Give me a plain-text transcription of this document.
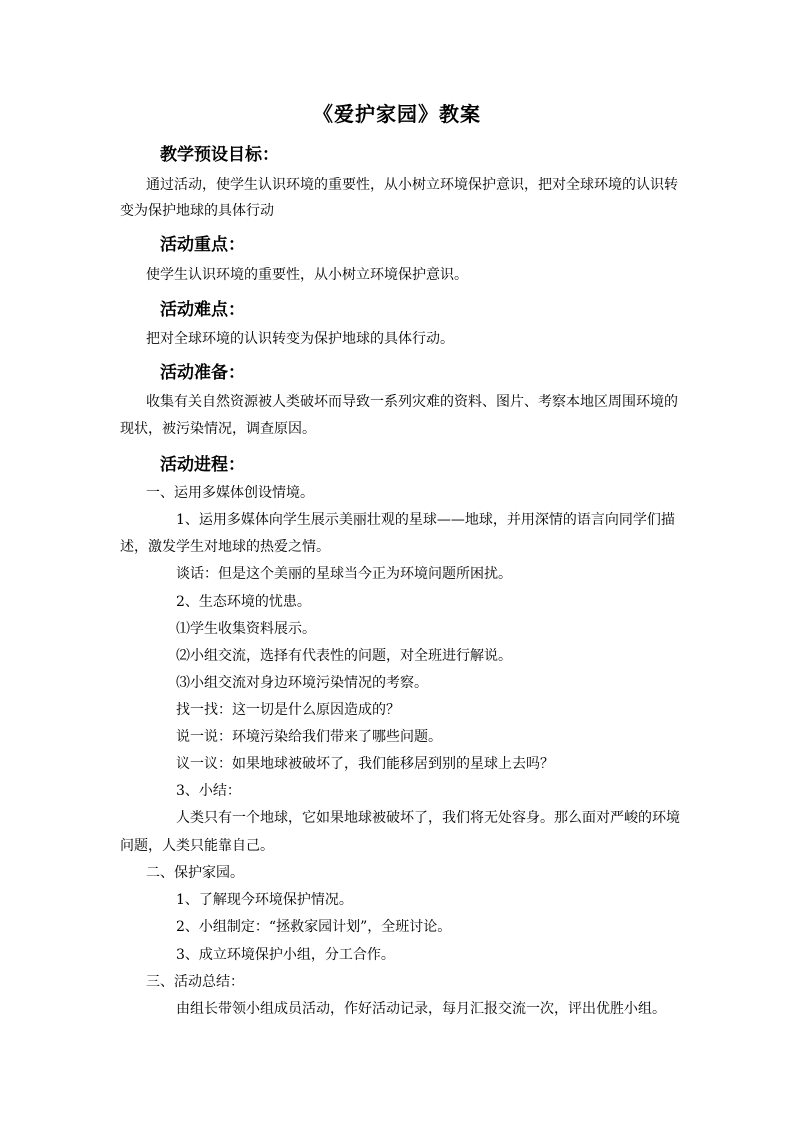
《爱护家园》教案
教学预设目标：
通过活动，使学生认识环境的重要性，从小树立环境保护意识，把对全球环境的认识转
变为保护地球的具体行动
活动重点：
使学生认识环境的重要性，从小树立环境保护意识。
活动难点：
把对全球环境的认识转变为保护地球的具体行动。
活动准备：
收集有关自然资源被人类破坏而导致一系列灾难的资料、图片、考察本地区周围环境的
现状，被污染情况，调查原因。
活动进程：
一、运用多媒体创设情境。
1、运用多媒体向学生展示美丽壮观的星球——地球，并用深情的语言向同学们描
述，激发学生对地球的热爱之情。
谈话：但是这个美丽的星球当今正为环境问题所困扰。
2、生态环境的忧患。
⑴学生收集资料展示。
⑵小组交流，选择有代表性的问题，对全班进行解说。
⑶小组交流对身边环境污染情况的考察。
找一找：这一切是什么原因造成的？
说一说：环境污染给我们带来了哪些问题。
议一议：如果地球被破坏了，我们能移居到别的星球上去吗？
3、小结：
人类只有一个地球，它如果地球被破坏了，我们将无处容身。那么面对严峻的环境
问题，人类只能靠自己。
二、保护家园。
1、了解现今环境保护情况。
2、小组制定：“拯救家园计划”，全班讨论。
3、成立环境保护小组，分工合作。
三、活动总结：
由组长带领小组成员活动，作好活动记录，每月汇报交流一次，评出优胜小组。
